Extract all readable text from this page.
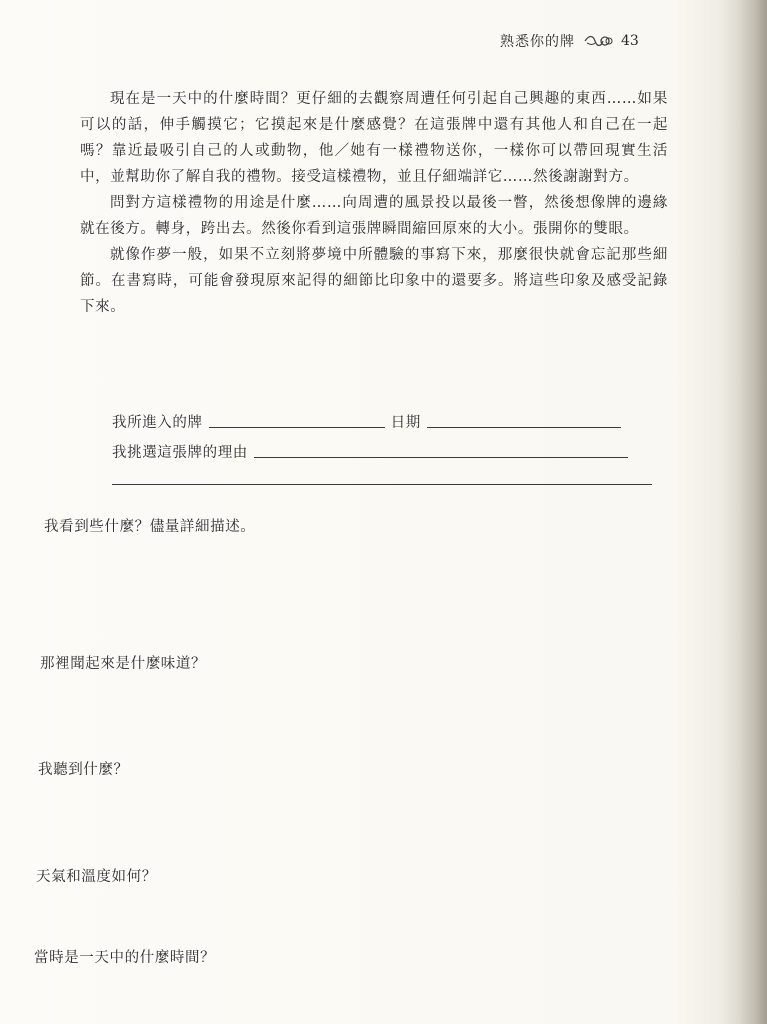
熟悉你的牌	43

現在是一天中的什麼時間？更仔細的去觀察周遭任何引起自己興趣的東西……如果可以的話，伸手觸摸它；它摸起來是什麼感覺？在這張牌中還有其他人和自己在一起嗎？靠近最吸引自己的人或動物，他／她有一樣禮物送你，一樣你可以帶回現實生活中，並幫助你了解自我的禮物。接受這樣禮物，並且仔細端詳它……然後謝謝對方。

問對方這樣禮物的用途是什麼……向周遭的風景投以最後一瞥，然後想像牌的邊緣就在後方。轉身，跨出去。然後你看到這張牌瞬間縮回原來的大小。張開你的雙眼。

就像作夢一般，如果不立刻將夢境中所體驗的事寫下來，那麼很快就會忘記那些細節。在書寫時，可能會發現原來記得的細節比印象中的還要多。將這些印象及感受記錄下來。

我所進入的牌	日期
我挑選這張牌的理由
我看到些什麼？儘量詳細描述。
那裡聞起來是什麼味道？
我聽到什麼？
天氣和溫度如何？
當時是一天中的什麼時間？
